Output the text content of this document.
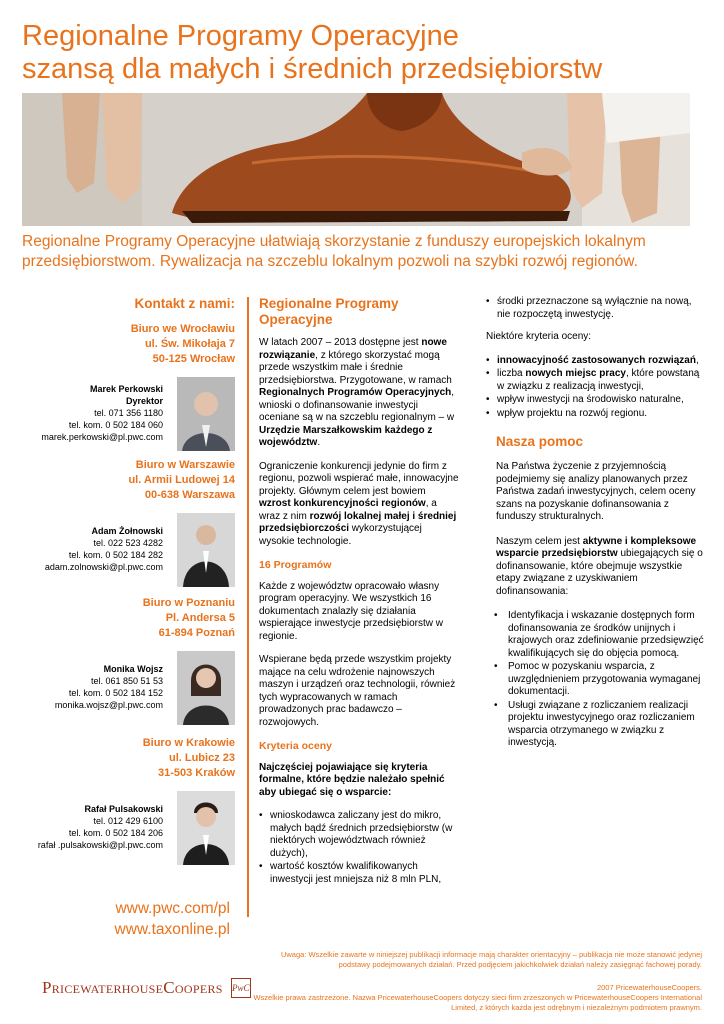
Regionalne Programy Operacyjne
szansą dla małych i średnich przedsiębiorstw

Regionalne Programy Operacyjne ułatwiają skorzystanie z funduszy europejskich lokalnym przedsiębiorstwom. Rywalizacja na szczeblu lokalnym pozwoli na szybki rozwój regionów.

Kontakt z nami:
Biuro we Wrocławiu
ul. Św. Mikołaja 7
50-125 Wrocław
Marek Perkowski
Dyrektor
tel. 071 356 1180
tel. kom. 0 502 184 060
marek.perkowski@pl.pwc.com
Biuro w Warszawie
ul. Armii Ludowej 14
00-638 Warszawa
Adam Żołnowski
tel. 022 523 4282
tel. kom. 0 502 184 282
adam.zolnowski@pl.pwc.com
Biuro w Poznaniu
Pl. Andersa 5
61-894 Poznań
Monika Wojsz
tel. 061 850 51 53
tel. kom. 0 502 184 152
monika.wojsz@pl.pwc.com
Biuro w Krakowie
ul. Lubicz 23
31-503 Kraków
Rafał Pulsakowski
tel. 012 429 6100
tel. kom. 0 502 184 206
rafał .pulsakowski@pl.pwc.com
www.pwc.com/pl
www.taxonline.pl
Regionalne Programy Operacyjne

W latach 2007 – 2013 dostępne jest nowe rozwiązanie, z którego skorzystać mogą przede wszystkim małe i średnie przedsiębiorstwa. Przygotowane, w ramach Regionalnych Programów Operacyjnych, wnioski o dofinansowanie inwestycji oceniane są w na szczeblu regionalnym – w Urzędzie Marszałkowskim każdego z województw.

Ograniczenie konkurencji jedynie do firm z regionu, pozwoli wspierać małe, innowacyjne projekty. Głównym celem jest bowiem wzrost konkurencyjności regionów, a wraz z nim rozwój lokalnej małej i średniej przedsiębiorczości wykorzystującej wysokie technologie.

16 Programów

Każde z województw opracowało własny program operacyjny. We wszystkich 16 dokumentach znalazły się działania wspierające inwestycje przedsiębiorstw w regionie.

Wspierane będą przede wszystkim projekty mające na celu wdrożenie najnowszych maszyn i urządzeń oraz technologii, również tych wypracowanych w ramach prowadzonych prac badawczo – rozwojowych.

Kryteria oceny

Najczęściej pojawiające się kryteria formalne, które będzie należało spełnić aby ubiegać się o wsparcie:

• wnioskodawca zaliczany jest do mikro, małych bądź średnich przedsiębiorstw (w niektórych województwach również dużych),
• wartość kosztów kwalifikowanych inwestycji jest mniejsza niż 8 mln PLN,
• środki przeznaczone są wyłącznie na nową, nie rozpoczętą inwestycję.

Niektóre kryteria oceny:

• innowacyjność zastosowanych rozwiązań,
• liczba nowych miejsc pracy, które powstaną w związku z realizacją inwestycji,
• wpływ inwestycji na środowisko naturalne,
• wpływ projektu na rozwój regionu.
Nasza pomoc

Na Państwa życzenie z przyjemnością podejmiemy się analizy planowanych przez Państwa zadań inwestycyjnych, celem oceny szans na pozyskanie dofinansowania z funduszy strukturalnych.

Naszym celem jest aktywne i kompleksowe wsparcie przedsiębiorstw ubiegających się o dofinansowanie, które obejmuje wszystkie etapy związane z uzyskiwaniem dofinansowania:

• Identyfikacja i wskazanie dostępnych form dofinansowania ze środków unijnych i krajowych oraz zdefiniowanie przedsięwzięć kwalifikujących się do objęcia pomocą.
• Pomoc w pozyskaniu wsparcia, z uwzględnieniem przygotowania wymaganej dokumentacji.
• Usługi związane z rozliczaniem realizacji projektu inwestycyjnego oraz rozliczaniem wsparcia otrzymanego w związku z inwestycją.
Uwaga: Wszelkie zawarte w niniejszej publikacji informacje mają charakter orientacyjny – publikacja nie może stanowić jedynej podstawy podejmowanych działań. Przed podjęciem jakichkolwiek działań należy zasięgnąć fachowej porady.
2007 PricewaterhouseCoopers.
Wszelkie prawa zastrzeżone. Nazwa PricewaterhouseCoopers dotyczy sieci firm zrzeszonych w PricewaterhouseCoopers International Limited, z których każda jest odrębnym i niezależnym podmiotem prawnym.
PricewaterhouseCoopers PwC
